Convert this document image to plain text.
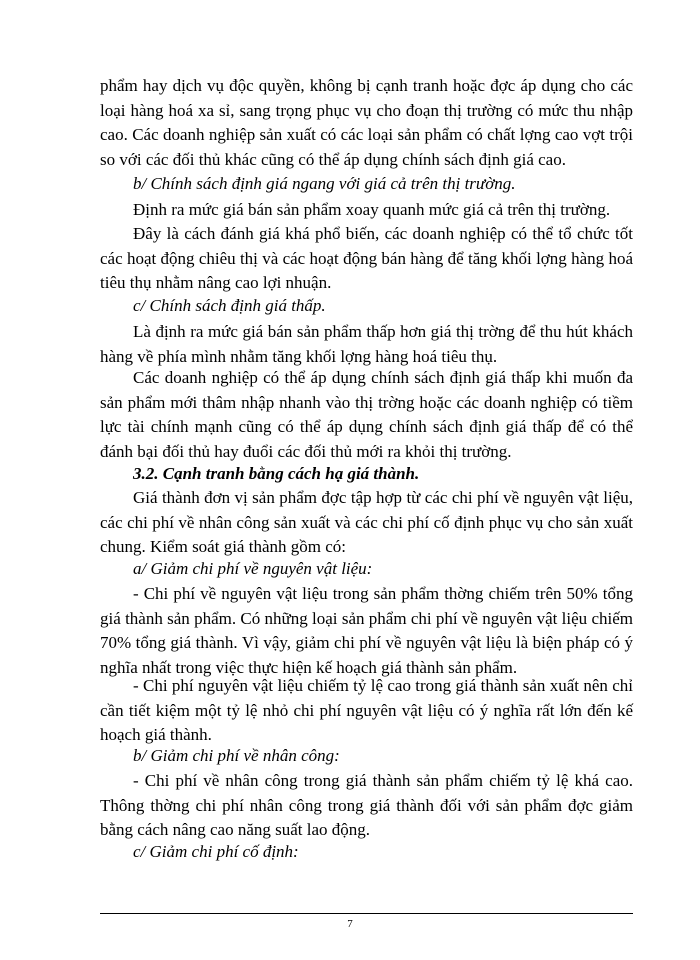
phẩm hay dịch vụ độc quyền, không bị cạnh tranh hoặc đợc áp dụng cho các loại hàng hoá xa sỉ, sang trọng phục vụ cho đoạn thị trường có mức thu nhập cao. Các doanh nghiệp sản xuất có các loại sản phẩm có chất lợng cao vợt trội so với các đối thủ khác cũng có thể áp dụng chính sách định giá cao.

b/ Chính sách định giá ngang với giá cả trên thị trường.

Định ra mức giá bán sản phẩm xoay quanh mức giá cả trên thị trường.

Đây là cách đánh giá khá phổ biến, các doanh nghiệp có thể tổ chức tốt các hoạt động chiêu thị và các hoạt động bán hàng để tăng khối lợng hàng hoá tiêu thụ nhằm nâng cao lợi nhuận.

c/ Chính sách định giá thấp.

Là định ra mức giá bán sản phẩm thấp hơn giá thị trờng để thu hút khách hàng về phía mình nhằm tăng khối lợng hàng hoá tiêu thụ.

Các doanh nghiệp có thể áp dụng chính sách định giá thấp khi muốn đa sản phẩm mới thâm nhập nhanh vào thị trờng hoặc các doanh nghiệp có tiềm lực tài chính mạnh cũng có thể áp dụng chính sách định giá thấp để có thể đánh bại đối thủ hay đuổi các đối thủ mới ra khỏi thị trường.

3.2. Cạnh tranh bằng cách hạ giá thành.

Giá thành đơn vị sản phẩm đợc tập hợp từ các chi phí về nguyên vật liệu, các chi phí về nhân công sản xuất và các chi phí cố định phục vụ cho sản xuất chung. Kiểm soát giá thành gồm có:

a/ Giảm chi phí về nguyên vật liệu:

- Chi phí về nguyên vật liệu trong sản phẩm thờng chiếm trên 50% tổng giá thành sản phẩm. Có những loại sản phẩm chi phí về nguyên vật liệu chiếm 70% tổng giá thành. Vì vậy, giảm chi phí về nguyên vật liệu là biện pháp có ý nghĩa nhất trong việc thực hiện kế hoạch giá thành sản phẩm.

- Chi phí nguyên vật liệu chiếm tỷ lệ cao trong giá thành sản xuất nên chỉ cần tiết kiệm một tỷ lệ nhỏ chi phí nguyên vật liệu có ý nghĩa rất lớn đến kế hoạch giá thành.

b/ Giảm chi phí về nhân công:

- Chi phí về nhân công trong giá thành sản phẩm chiếm tỷ lệ khá cao. Thông thờng chi phí nhân công trong giá thành đối với sản phẩm đợc giảm bằng cách nâng cao năng suất lao động.

c/ Giảm chi phí cố định:

7
